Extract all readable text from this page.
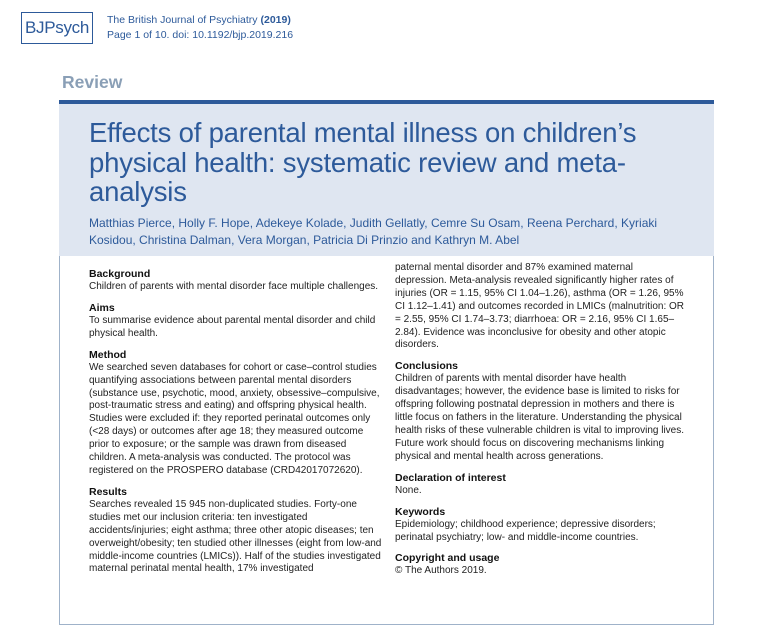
BJPsych	The British Journal of Psychiatry (2019)
Page 1 of 10. doi: 10.1192/bjp.2019.216
Review
Effects of parental mental illness on children’s physical health: systematic review and meta-analysis
Matthias Pierce, Holly F. Hope, Adekeye Kolade, Judith Gellatly, Cemre Su Osam, Reena Perchard, Kyriaki Kosidou, Christina Dalman, Vera Morgan, Patricia Di Prinzio and Kathryn M. Abel
Background

Children of parents with mental disorder face multiple challenges.

Aims

To summarise evidence about parental mental disorder and child physical health.

Method

We searched seven databases for cohort or case–control studies quantifying associations between parental mental disorders (substance use, psychotic, mood, anxiety, obsessive–compulsive, post-traumatic stress and eating) and offspring physical health. Studies were excluded if: they reported perinatal outcomes only (<28 days) or outcomes after age 18; they measured outcome prior to exposure; or the sample was drawn from diseased children. A meta-analysis was conducted. The protocol was registered on the PROSPERO database (CRD42017072620).

Results

Searches revealed 15 945 non-duplicated studies. Forty-one studies met our inclusion criteria: ten investigated accidents/injuries; eight asthma; three other atopic diseases; ten overweight/obesity; ten studied other illnesses (eight from low-and middle-income countries (LMICs)). Half of the studies investigated maternal perinatal mental health, 17% investigated

paternal mental disorder and 87% examined maternal depression. Meta-analysis revealed significantly higher rates of injuries (OR = 1.15, 95% CI 1.04–1.26), asthma (OR = 1.26, 95% CI 1.12–1.41) and outcomes recorded in LMICs (malnutrition: OR = 2.55, 95% CI 1.74–3.73; diarrhoea: OR = 2.16, 95% CI 1.65–2.84). Evidence was inconclusive for obesity and other atopic disorders.

Conclusions

Children of parents with mental disorder have health disadvantages; however, the evidence base is limited to risks for offspring following postnatal depression in mothers and there is little focus on fathers in the literature. Understanding the physical health risks of these vulnerable children is vital to improving lives. Future work should focus on discovering mechanisms linking physical and mental health across generations.

Declaration of interest

None.

Keywords

Epidemiology; childhood experience; depressive disorders; perinatal psychiatry; low- and middle-income countries.

Copyright and usage

© The Authors 2019.
